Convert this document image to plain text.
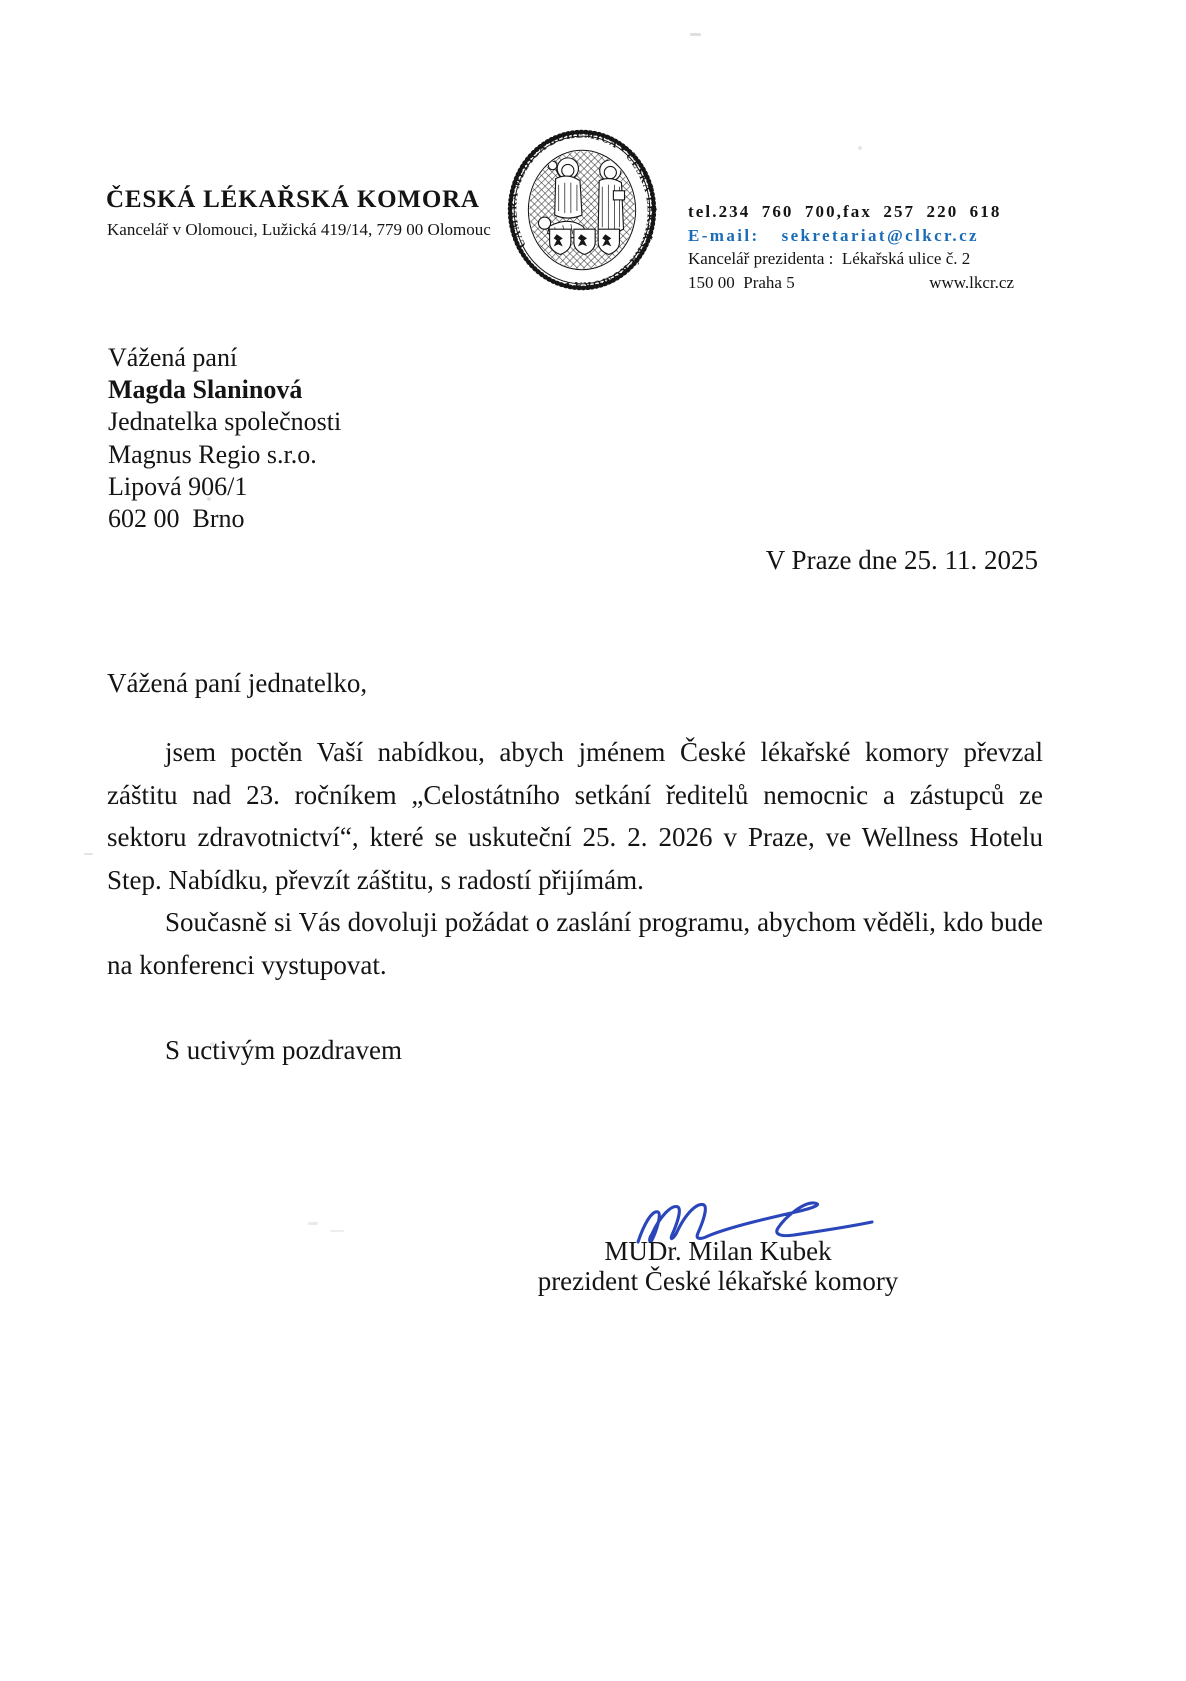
ČESKÁ LÉKAŘSKÁ KOMORA
Kancelář v Olomouci, Lužická 419/14, 779 00 Olomouc
CAMERA MEDICA BOHEMICA • ČESKÁ LÉKAŘSKÁ KOMORA •
tel.234 760 700,fax 257 220 618
E-mail: sekretariat@clkcr.cz
Kancelář prezidenta :  Lékařská ulice č. 2
150 00  Praha 5	www.lkcr.cz
Vážená paní
Magda Slaninová
Jednatelka společnosti
Magnus Regio s.r.o.
Lipová 906/1
602 00  Brno
V Praze dne 25. 11. 2025
Vážená paní jednatelko,

jsem poctěn Vaší nabídkou, abych jménem České lékařské komory převzal záštitu nad 23. ročníkem „Celostátního setkání ředitelů nemocnic a zástupců ze sektoru zdravotnictví“, které se uskuteční 25. 2. 2026 v Praze, ve Wellness Hotelu Step. Nabídku, převzít záštitu, s radostí přijímám.

Současně si Vás dovoluji požádat o zaslání programu, abychom věděli, kdo bude na konferenci vystupovat.

S uctivým pozdravem
MUDr. Milan Kubek
prezident České lékařské komory
